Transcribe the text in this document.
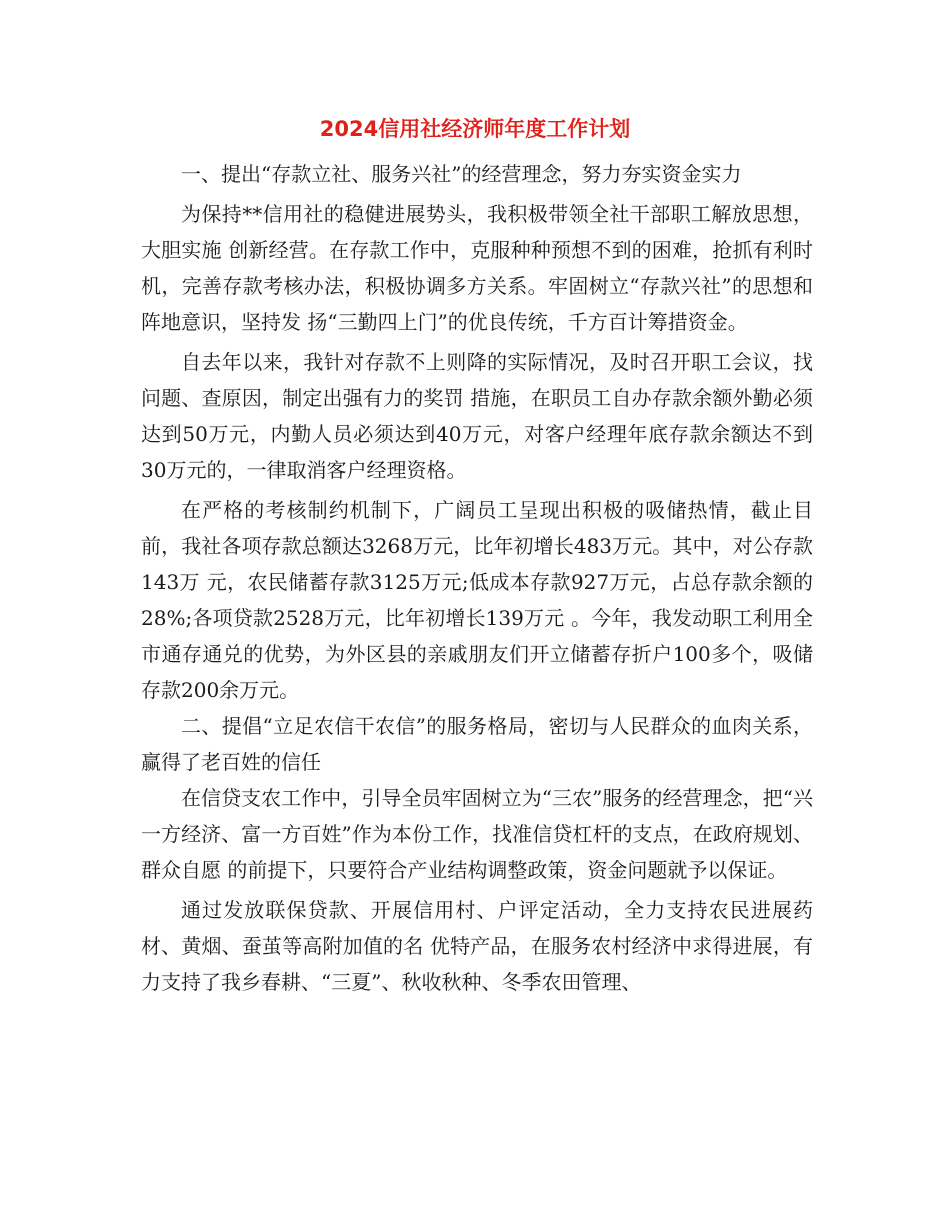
2024信用社经济师年度工作计划

一、提出“存款立社、服务兴社”的经营理念，努力夯实资金实力

为保持**信用社的稳健进展势头，我积极带领全社干部职工解放思想，大胆实施 创新经营。在存款工作中，克服种种预想不到的困难，抢抓有利时机，完善存款考核办法，积极协调多方关系。牢固树立“存款兴社”的思想和阵地意识，坚持发 扬“三勤四上门”的优良传统，千方百计筹措资金。

自去年以来，我针对存款不上则降的实际情况，及时召开职工会议，找问题、查原因，制定出强有力的奖罚 措施，在职员工自办存款余额外勤必须达到50万元，内勤人员必须达到40万元，对客户经理年底存款余额达不到30万元的，一律取消客户经理资格。

在严格的考核制约机制下，广阔员工呈现出积极的吸储热情，截止目前，我社各项存款总额达3268万元，比年初增长483万元。其中，对公存款143万 元，农民储蓄存款3125万元;低成本存款927万元，占总存款余额的28%;各项贷款2528万元，比年初增长139万元 。今年，我发动职工利用全市通存通兑的优势，为外区县的亲戚朋友们开立储蓄存折户100多个，吸储存款200余万元。

二、提倡“立足农信干农信”的服务格局，密切与人民群众的血肉关系，赢得了老百姓的信任

在信贷支农工作中，引导全员牢固树立为“三农”服务的经营理念，把“兴一方经济、富一方百姓”作为本份工作，找准信贷杠杆的支点，在政府规划、群众自愿 的前提下，只要符合产业结构调整政策，资金问题就予以保证。

通过发放联保贷款、开展信用村、户评定活动，全力支持农民进展药材、黄烟、蚕茧等高附加值的名 优特产品，在服务农村经济中求得进展，有力支持了我乡春耕、“三夏”、秋收秋种、冬季农田管理、
